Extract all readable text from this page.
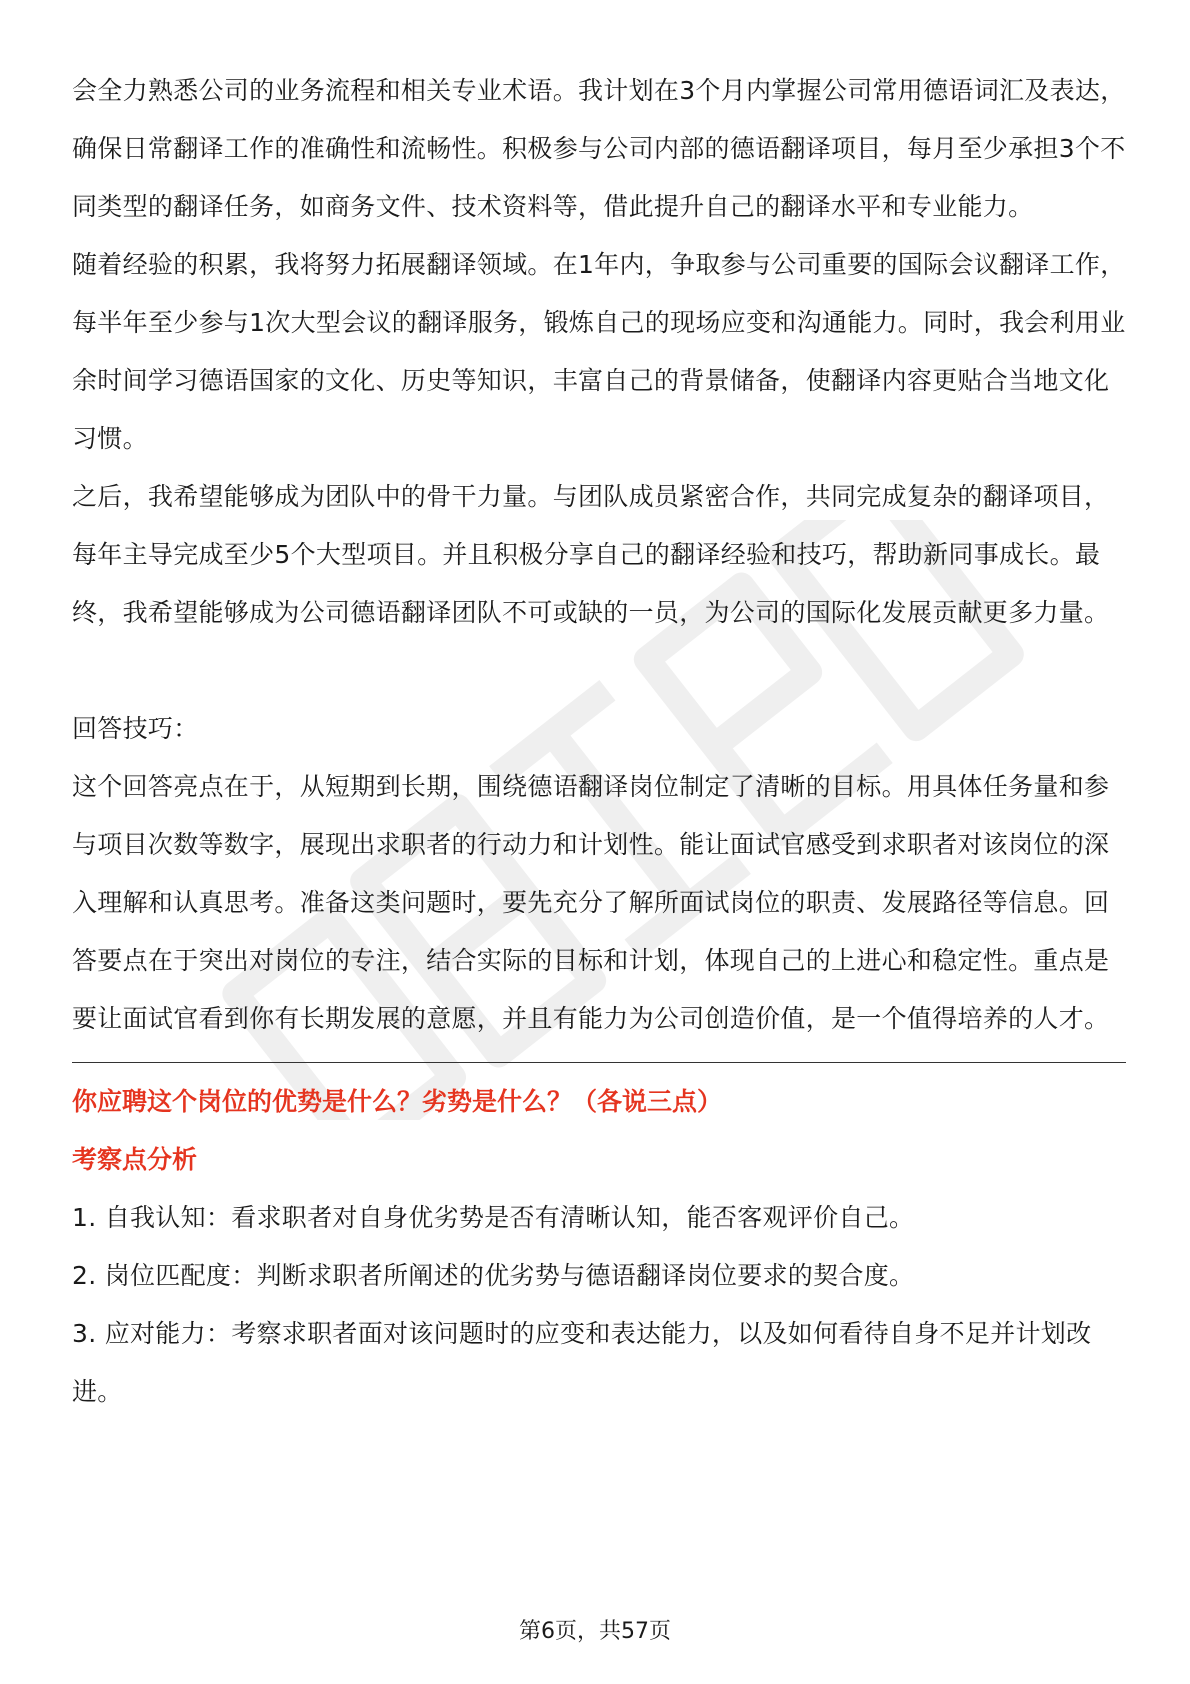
会全力熟悉公司的业务流程和相关专业术语。我计划在3个月内掌握公司常用德语词汇及表达，确保日常翻译工作的准确性和流畅性。积极参与公司内部的德语翻译项目，每月至少承担3个不同类型的翻译任务，如商务文件、技术资料等，借此提升自己的翻译水平和专业能力。

随着经验的积累，我将努力拓展翻译领域。在1年内，争取参与公司重要的国际会议翻译工作，每半年至少参与1次大型会议的翻译服务，锻炼自己的现场应变和沟通能力。同时，我会利用业余时间学习德语国家的文化、历史等知识，丰富自己的背景储备，使翻译内容更贴合当地文化习惯。

之后，我希望能够成为团队中的骨干力量。与团队成员紧密合作，共同完成复杂的翻译项目，每年主导完成至少5个大型项目。并且积极分享自己的翻译经验和技巧，帮助新同事成长。最终，我希望能够成为公司德语翻译团队不可或缺的一员，为公司的国际化发展贡献更多力量。

回答技巧：

这个回答亮点在于，从短期到长期，围绕德语翻译岗位制定了清晰的目标。用具体任务量和参与项目次数等数字，展现出求职者的行动力和计划性。能让面试官感受到求职者对该岗位的深入理解和认真思考。准备这类问题时，要先充分了解所面试岗位的职责、发展路径等信息。回答要点在于突出对岗位的专注，结合实际的目标和计划，体现自己的上进心和稳定性。重点是要让面试官看到你有长期发展的意愿，并且有能力为公司创造价值，是一个值得培养的人才。

你应聘这个岗位的优势是什么？劣势是什么？（各说三点）

考察点分析

1. 自我认知：看求职者对自身优劣势是否有清晰认知，能否客观评价自己。

2. 岗位匹配度：判断求职者所阐述的优劣势与德语翻译岗位要求的契合度。

3. 应对能力：考察求职者面对该问题时的应变和表达能力，以及如何看待自身不足并计划改进。

第6页，共57页
